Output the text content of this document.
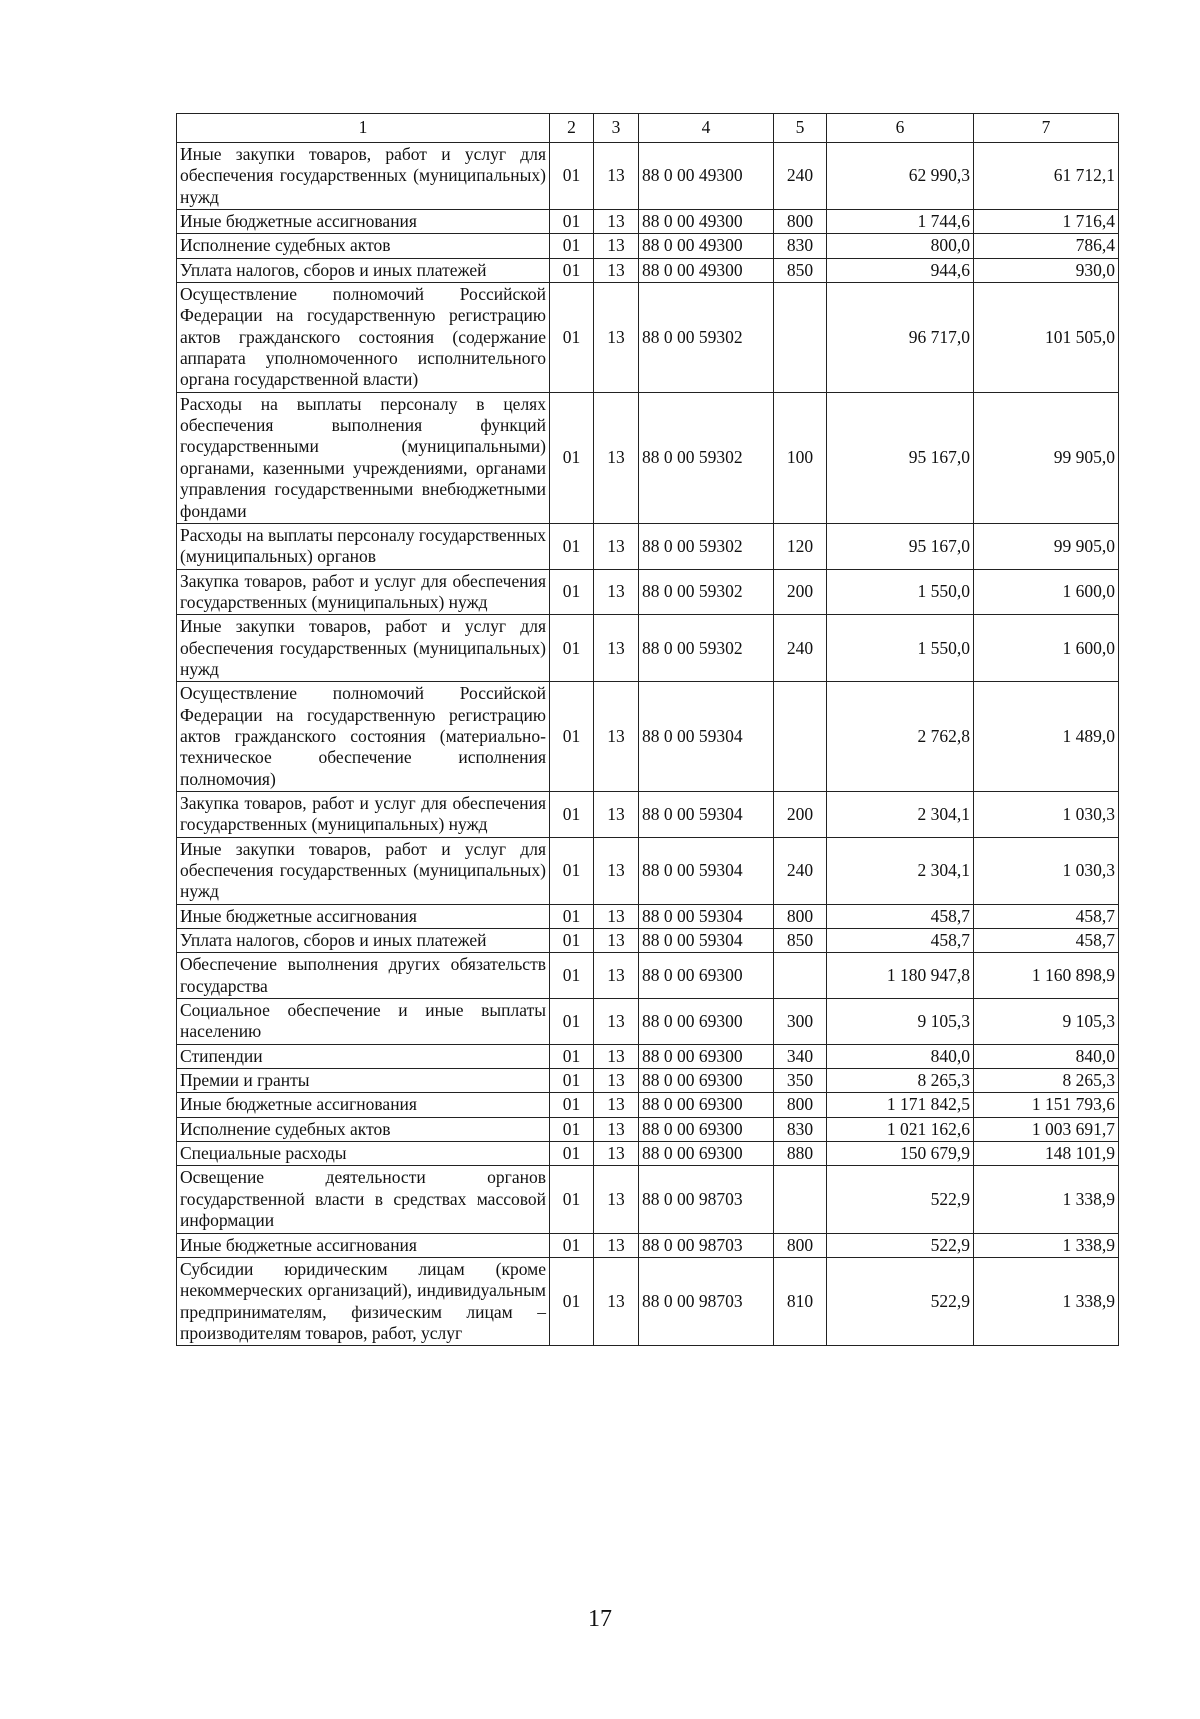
1	2	3	4	5	6	7
Иные закупки товаров, работ и услуг для обеспечения государственных (муниципальных) нужд	01	13	88 0 00 49300	240	62 990,3	61 712,1
Иные бюджетные ассигнования	01	13	88 0 00 49300	800	1 744,6	1 716,4
Исполнение судебных актов	01	13	88 0 00 49300	830	800,0	786,4
Уплата налогов, сборов и иных платежей	01	13	88 0 00 49300	850	944,6	930,0
Осуществление полномочий Российской Федерации на государственную регистрацию актов гражданского состояния (содержание аппарата уполномоченного исполнительного органа государственной власти)	01	13	88 0 00 59302		96 717,0	101 505,0
Расходы на выплаты персоналу в целях обеспечения выполнения функций государственными (муниципальными) органами, казенными учреждениями, органами управления государственными внебюджетными фондами	01	13	88 0 00 59302	100	95 167,0	99 905,0
Расходы на выплаты персоналу государственных (муниципальных) органов	01	13	88 0 00 59302	120	95 167,0	99 905,0
Закупка товаров, работ и услуг для обеспечения государственных (муниципальных) нужд	01	13	88 0 00 59302	200	1 550,0	1 600,0
Иные закупки товаров, работ и услуг для обеспечения государственных (муниципальных) нужд	01	13	88 0 00 59302	240	1 550,0	1 600,0
Осуществление полномочий Российской Федерации на государственную регистрацию актов гражданского состояния (материально-техническое обеспечение исполнения полномочия)	01	13	88 0 00 59304		2 762,8	1 489,0
Закупка товаров, работ и услуг для обеспечения государственных (муниципальных) нужд	01	13	88 0 00 59304	200	2 304,1	1 030,3
Иные закупки товаров, работ и услуг для обеспечения государственных (муниципальных) нужд	01	13	88 0 00 59304	240	2 304,1	1 030,3
Иные бюджетные ассигнования	01	13	88 0 00 59304	800	458,7	458,7
Уплата налогов, сборов и иных платежей	01	13	88 0 00 59304	850	458,7	458,7
Обеспечение выполнения других обязательств государства	01	13	88 0 00 69300		1 180 947,8	1 160 898,9
Социальное обеспечение и иные выплаты населению	01	13	88 0 00 69300	300	9 105,3	9 105,3
Стипендии	01	13	88 0 00 69300	340	840,0	840,0
Премии и гранты	01	13	88 0 00 69300	350	8 265,3	8 265,3
Иные бюджетные ассигнования	01	13	88 0 00 69300	800	1 171 842,5	1 151 793,6
Исполнение судебных актов	01	13	88 0 00 69300	830	1 021 162,6	1 003 691,7
Специальные расходы	01	13	88 0 00 69300	880	150 679,9	148 101,9
Освещение деятельности органов государственной власти в средствах массовой информации	01	13	88 0 00 98703		522,9	1 338,9
Иные бюджетные ассигнования	01	13	88 0 00 98703	800	522,9	1 338,9
Субсидии юридическим лицам (кроме некоммерческих организаций), индивидуальным предпринимателям, физическим лицам – производителям товаров, работ, услуг	01	13	88 0 00 98703	810	522,9	1 338,9
17
